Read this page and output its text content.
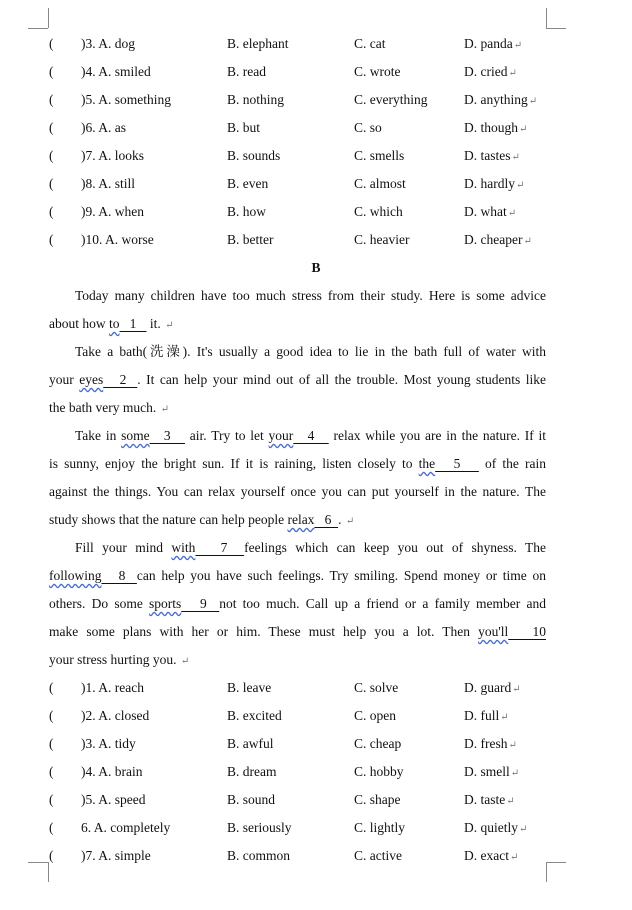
( )3. A. dog	B. elephant	C. cat	D. panda↵
( )4. A. smiled	B. read	C. wrote	D. cried↵
( )5. A. something	B. nothing	C. everything	D. anything↵
( )6. A. as	B. but	C. so	D. though↵
( )7. A. looks	B. sounds	C. smells	D. tastes↵
( )8. A. still	B. even	C. almost	D. hardly↵
( )9. A. when	B. how	C. which	D. what↵
( )10. A. worse	B. better	C. heavier	D. cheaper↵
B
Today many children have too much stress from their study. Here is some advice
about how to   1    it. ↵
Take a bath(洗澡). It's usually a good idea to lie in the bath full of water with
your eyes   2  . It can help your mind out of all the trouble. Most young students like
the bath very much. ↵
Take in some   3    air. Try to let your   4    relax while you are in the nature. If it
is sunny, enjoy the bright sun. If it is raining, listen closely to the   5    of the rain
against the things. You can relax yourself once you can put yourself in the nature. The
study shows that the nature can help people relax   6  . ↵
Fill your mind with   7  feelings which can keep you out of shyness. The
following   8  can help you have such feelings. Try smiling. Spend money or time on
others. Do some sports   9  not too much. Call up a friend or a family member and
make some plans with her or him. These must help you a lot. Then you'll   10
your stress hurting you. ↵
( )1. A. reach	B. leave	C. solve	D. guard↵
( )2. A. closed	B. excited	C. open	D. full↵
( )3. A. tidy	B. awful	C. cheap	D. fresh↵
( )4. A. brain	B. dream	C. hobby	D. smell↵
( )5. A. speed	B. sound	C. shape	D. taste↵
( 6. A. completely	B. seriously	C. lightly	D. quietly↵
( )7. A. simple	B. common	C. active	D. exact↵
